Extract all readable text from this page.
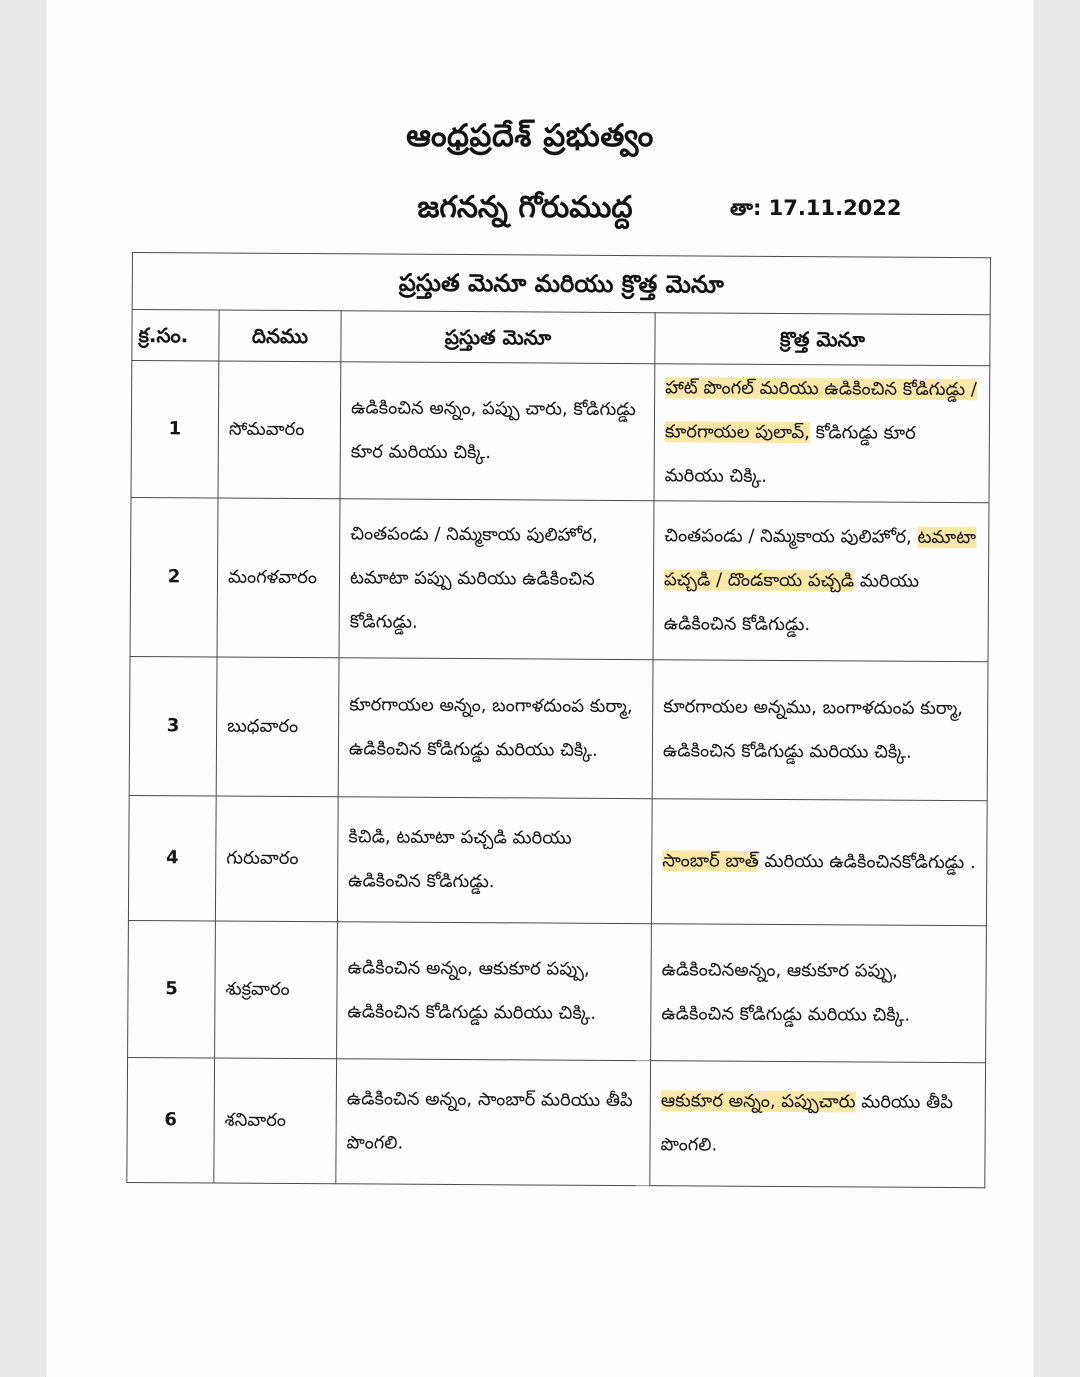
ఆంధ్రప్రదేశ్ ప్రభుత్వం
జగనన్న గోరుముద్ద	తా: 17.11.2022
ప్రస్తుత మెనూ మరియు క్రొత్త మెనూ			
క్ర.సం.	దినము	ప్రస్తుత మెనూ	క్రొత్త మెనూ
1	సోమవారం	ఉడికించిన అన్నం, పప్పు చారు, కోడిగుడ్డు కూర మరియు చిక్కి.	హాట్ పొంగల్ మరియు ఉడికించిన కోడిగుడ్డు / కూరగాయల పులావ్, కోడిగుడ్డు కూర మరియు చిక్కి.
2	మంగళవారం	చింతపండు / నిమ్మకాయ పులిహోర, టమాటా పప్పు మరియు ఉడికించిన కోడిగుడ్డు.	చింతపండు / నిమ్మకాయ పులిహోర, టమాటా పచ్చడి / దొండకాయ పచ్చడి మరియు ఉడికించిన కోడిగుడ్డు.
3	బుధవారం	కూరగాయల అన్నం, బంగాళదుంప కుర్మా, ఉడికించిన కోడిగుడ్డు మరియు చిక్కి.	కూరగాయల అన్నము, బంగాళదుంప కుర్మా, ఉడికించిన కోడిగుడ్డు మరియు చిక్కి.
4	గురువారం	కిచిడి, టమాటా పచ్చడి మరియు ఉడికించిన కోడిగుడ్డు.	సాంబార్ బాత్ మరియు ఉడికించినకోడిగుడ్డు .
5	శుక్రవారం	ఉడికించిన అన్నం, ఆకుకూర పప్పు, ఉడికించిన కోడిగుడ్డు మరియు చిక్కి.	ఉడికించినఅన్నం, ఆకుకూర పప్పు, ఉడికించిన కోడిగుడ్డు మరియు చిక్కి.
6	శనివారం	ఉడికించిన అన్నం, సాంబార్ మరియు తీపి పొంగలి.	ఆకుకూర అన్నం, పప్పుచారు మరియు తీపి పొంగలి.
